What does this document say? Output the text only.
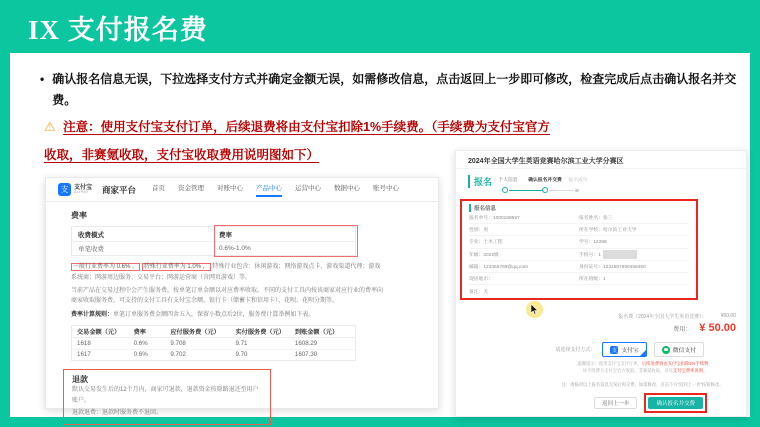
IX 支付报名费
• 确认报名信息无误，下拉选择支付方式并确定金额无误，如需修改信息，点击返回上一步即可修改，检查完成后点击确认报名并交费。
⚠ 注意：使用支付宝支付订单，后续退费将由支付宝扣除1%手续费。（手续费为支付宝官方
收取，非赛氪收取，支付宝收取费用说明图如下）
支 支付宝
ALIPAY	商家平台 首页 资金管理 对账中心 产品中心 运营中心 数据中心 账号中心
费率
收费模式	费率
单笔收费	0.6%-1.0%
一般行业费率为 0.6% ， 特殊行业费率为 1.0% ， 特殊行业包含：休闲游戏；网络游戏点卡、游戏渠道代理；游戏系统商；网游周边服务、交易平台；网游运营商（含网页游戏）等。
当前产品在交易过程中会产生服务费，按单笔订单金额以对应费率收取。不同的支付工具内按该商家对应行业的费率向商家收取服务费，可支持的支付工具有支付宝余额、银行卡（储蓄卡和信用卡）、花呗、花呗分期等。
费率计算规则：单笔订单服务费金额四舍五入，保留小数点后2位，服务费计算举例如下表。
交易金额（元）	费率	应付服务费（元）	实付服务费（元）	到账金额（元）
1618	0.6%	9.708	9.71	1608.29
1617	0.6%	9.702	9.70	1607.30
退款
默认交易发生后的12个月内，商家可退款，退款资金按原路退还至用户账户。
退款退费：退款时服务费不退回。
2024年全国大学生英语竞赛哈尔滨工业大学分赛区
报名	个人信息	确认报名并交费	报名成功
报名信息
报名单号：1000159597	报名姓名：张三
性别：男	所在学校：哈尔滨工业大学
专业：土木工程	学号：12268
年级：2022级	手机号：1
邮箱：123456789@qq.com	身份证号：1234567890456450
现居地市：	所在班级：1
备注：无
报名费（2024年全国大学生英语竞赛）：	¥50.00
费用： ¥ 50.00
请选择支付方式：	支 支付宝	微信支付
温馨提示：使用支付宝支付订单，后续退费将由支付宝扣除1%手续费，
该手续费为支付宝官方收取，非赛氪收取，详见支付宝费率说明。
注：请核对以上报名信息无误后再交费，如需修改，点击下方“返回上一步”按钮修改。
返回上一步	确认报名并交费
